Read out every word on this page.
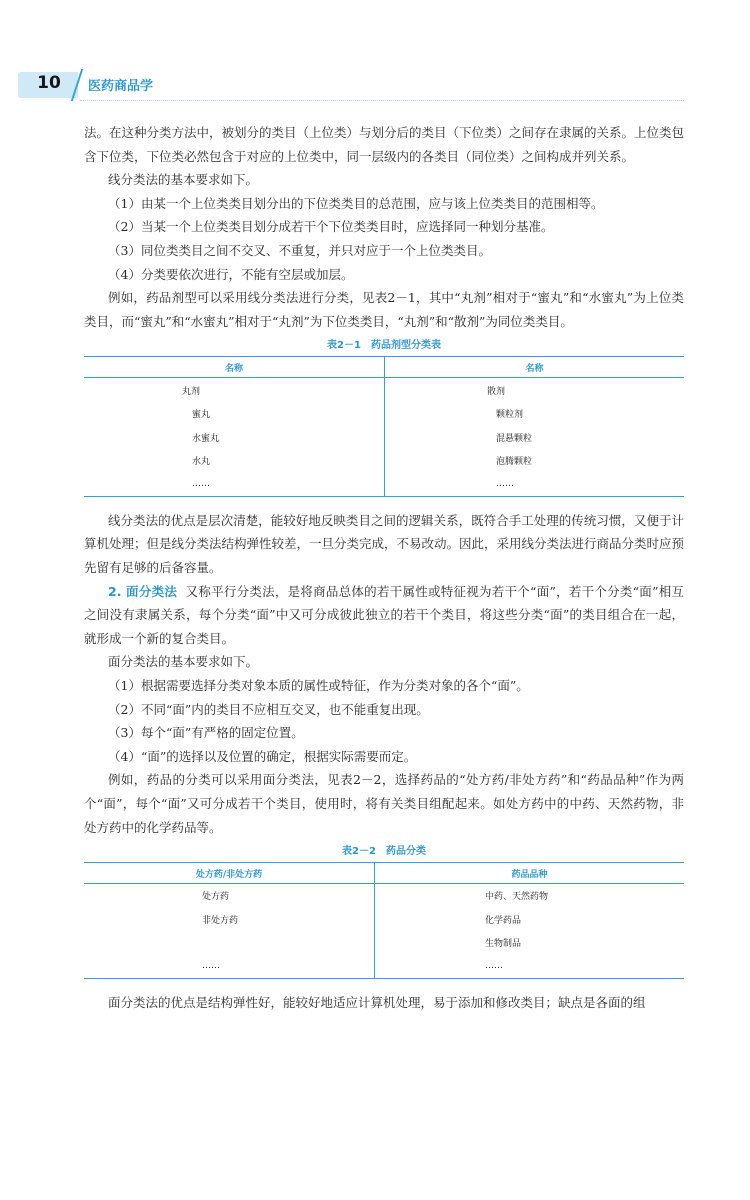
10	医药商品学

法。在这种分类方法中，被划分的类目（上位类）与划分后的类目（下位类）之间存在隶属的关系。上位类包含下位类，下位类必然包含于对应的上位类中，同一层级内的各类目（同位类）之间构成并列关系。

线分类法的基本要求如下。

（1）由某一个上位类类目划分出的下位类类目的总范围，应与该上位类类目的范围相等。

（2）当某一个上位类类目划分成若干个下位类类目时，应选择同一种划分基准。

（3）同位类类目之间不交叉、不重复，并只对应于一个上位类类目。

（4）分类要依次进行，不能有空层或加层。

例如，药品剂型可以采用线分类法进行分类，见表2－1，其中“丸剂”相对于“蜜丸”和“水蜜丸”为上位类类目，而“蜜丸”和“水蜜丸”相对于“丸剂”为下位类类目，“丸剂”和“散剂”为同位类类目。

表2－1　药品剂型分类表
名称	名称
丸剂	散剂
蜜丸	颗粒剂
水蜜丸	混悬颗粒
水丸	泡腾颗粒
……	……

线分类法的优点是层次清楚，能较好地反映类目之间的逻辑关系，既符合手工处理的传统习惯，又便于计算机处理；但是线分类法结构弹性较差，一旦分类完成，不易改动。因此，采用线分类法进行商品分类时应预先留有足够的后备容量。

2. 面分类法 又称平行分类法，是将商品总体的若干属性或特征视为若干个“面”，若干个分类“面”相互之间没有隶属关系，每个分类“面”中又可分成彼此独立的若干个类目，将这些分类“面”的类目组合在一起，就形成一个新的复合类目。

面分类法的基本要求如下。

（1）根据需要选择分类对象本质的属性或特征，作为分类对象的各个“面”。

（2）不同“面”内的类目不应相互交叉，也不能重复出现。

（3）每个“面”有严格的固定位置。

（4）“面”的选择以及位置的确定，根据实际需要而定。

例如，药品的分类可以采用面分类法，见表2－2，选择药品的“处方药/非处方药”和“药品品种”作为两个“面”，每个“面”又可分成若干个类目，使用时，将有关类目组配起来。如处方药中的中药、天然药物，非处方药中的化学药品等。

表2－2　药品分类
处方药/非处方药	药品品种
处方药	中药、天然药物
非处方药	化学药品
	生物制品
……	……

面分类法的优点是结构弹性好，能较好地适应计算机处理，易于添加和修改类目；缺点是各面的组
